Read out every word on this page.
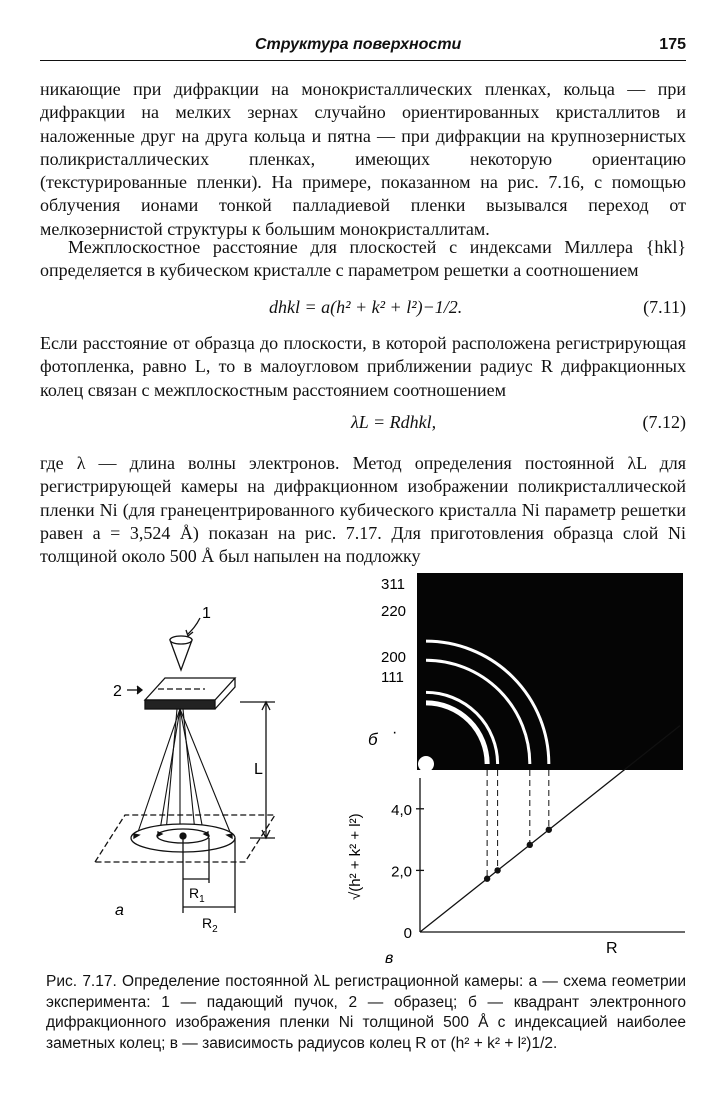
Структура поверхности	175

никающие при дифракции на монокристаллических пленках, кольца — при дифракции на мелких зернах случайно ориентированных кристаллитов и наложенные друг на друга кольца и пятна — при дифракции на крупнозернистых поликристаллических пленках, имеющих некоторую ориентацию (текстурированные пленки). На примере, показанном на рис. 7.16, с помощью облучения ионами тонкой палладиевой пленки вызывался переход от мелкозернистой структуры к большим монокристаллитам.

Межплоскостное расстояние для плоскостей с индексами Миллера {hkl} определяется в кубическом кристалле с параметром решетки a соотношением

dhkl = a(h² + k² + l²)−1/2.	(7.11)

Если расстояние от образца до плоскости, в которой расположена регистрирующая фотопленка, равно L, то в малоугловом приближении радиус R дифракционных колец связан с межплоскостным расстоянием соотношением

λL = Rdhkl,	(7.12)

где λ — длина волны электронов. Метод определения постоянной λL для регистрирующей камеры на дифракционном изображении поликристаллической пленки Ni (для гранецентрированного кубического кристалла Ni параметр решетки равен a = 3,524 Å) показан на рис. 7.17. Для приготовления образца слой Ni толщиной около 500 Å был напылен на подложку

1
2
L
$R_1$
$R_2$
а
311
220
200
111
б ·
0
2,0
4,0
√(h² + k² + l²)
R
в

Рис. 7.17. Определение постоянной λL регистрационной камеры: а — схема геометрии эксперимента: 1 — падающий пучок, 2 — образец; б — квадрант электронного дифракционного изображения пленки Ni толщиной 500 Å с индексацией наиболее заметных колец; в — зависимость радиусов колец R от (h² + k² + l²)1/2.
